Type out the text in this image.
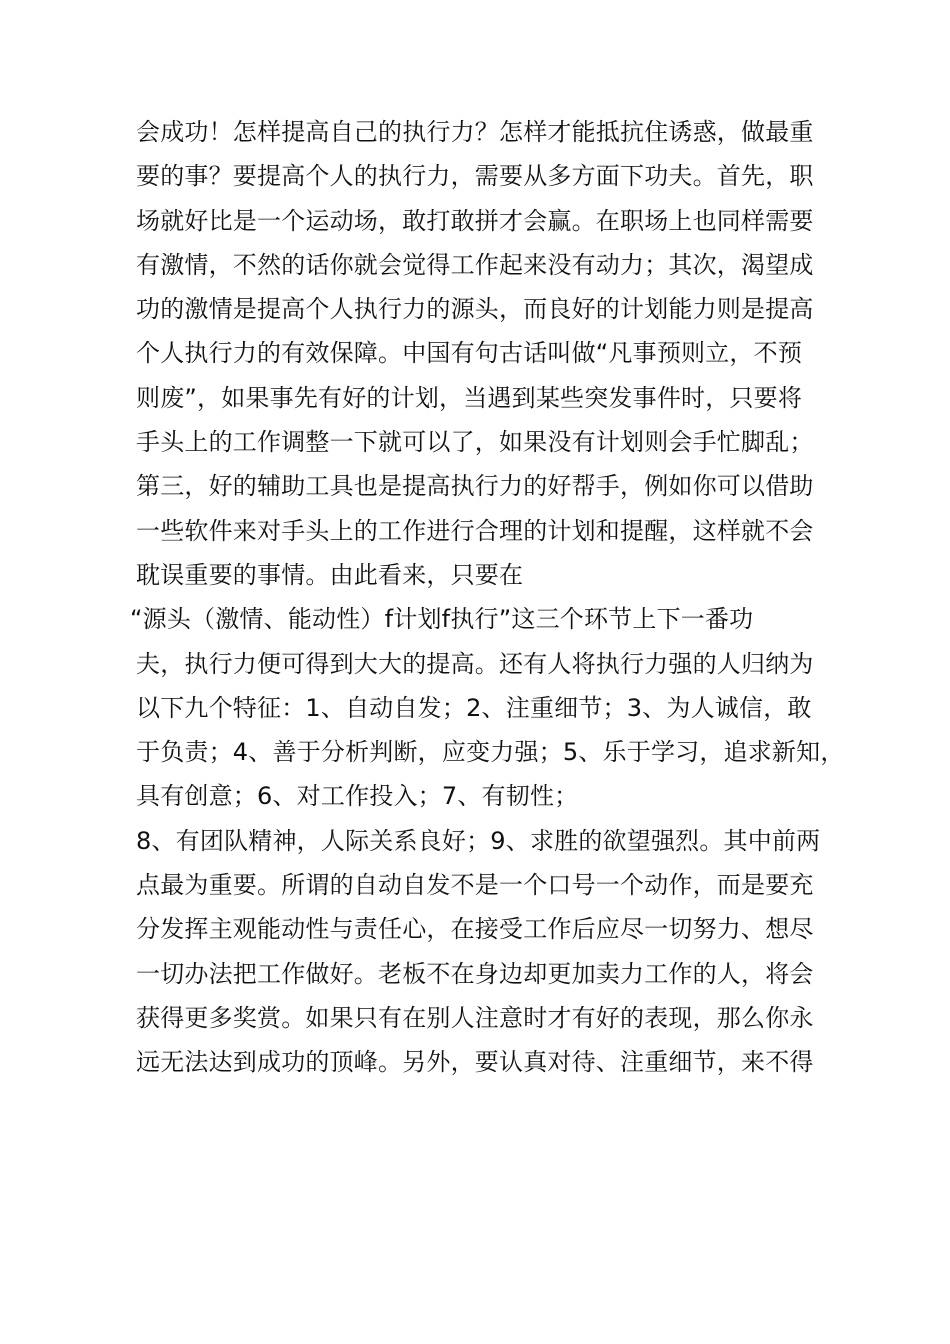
会成功！怎样提高自己的执行力？怎样才能抵抗住诱惑，做最重
要的事？要提高个人的执行力，需要从多方面下功夫。首先，职
场就好比是一个运动场，敢打敢拼才会赢。在职场上也同样需要
有激情，不然的话你就会觉得工作起来没有动力；其次，渴望成
功的激情是提高个人执行力的源头，而良好的计划能力则是提高
个人执行力的有效保障。中国有句古话叫做“凡事预则立，不预
则废”，如果事先有好的计划，当遇到某些突发事件时，只要将
手头上的工作调整一下就可以了，如果没有计划则会手忙脚乱；
第三，好的辅助工具也是提高执行力的好帮手，例如你可以借助
一些软件来对手头上的工作进行合理的计划和提醒，这样就不会
耽误重要的事情。由此看来，只要在
“源头（激情、能动性）f计划f执行”这三个环节上下一番功
夫，执行力便可得到大大的提高。还有人将执行力强的人归纳为
以下九个特征：1、自动自发；2、注重细节；3、为人诚信，敢
于负责；4、善于分析判断，应变力强；5、乐于学习，追求新知，
具有创意；6、对工作投入；7、有韧性；
8、有团队精神，人际关系良好；9、求胜的欲望强烈。其中前两
点最为重要。所谓的自动自发不是一个口号一个动作，而是要充
分发挥主观能动性与责任心，在接受工作后应尽一切努力、想尽
一切办法把工作做好。老板不在身边却更加卖力工作的人，将会
获得更多奖赏。如果只有在别人注意时才有好的表现，那么你永
远无法达到成功的顶峰。另外，要认真对待、注重细节，来不得
